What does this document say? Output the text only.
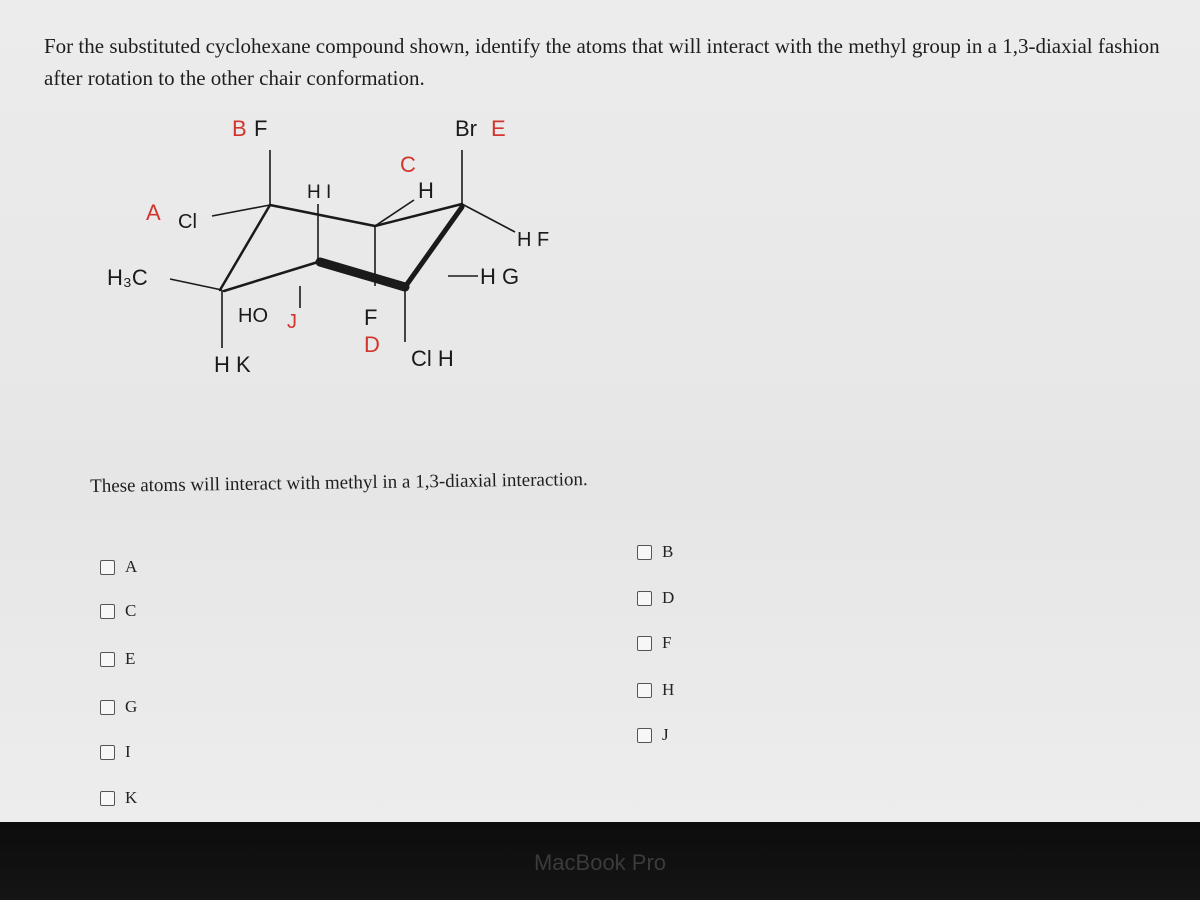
For the substituted cyclohexane compound shown, identify the atoms that will interact with the methyl group in a 1,3-diaxial fashion after rotation to the other chair conformation.
B F	Br E
C
H
H I
A Cl
H F
H G
H₃C
HO J	F
D
H K	Cl H
These atoms will interact with methyl in a 1,3-diaxial interaction.
A
C
E
G
I
K
B
D
F
H
J
MacBook Pro
